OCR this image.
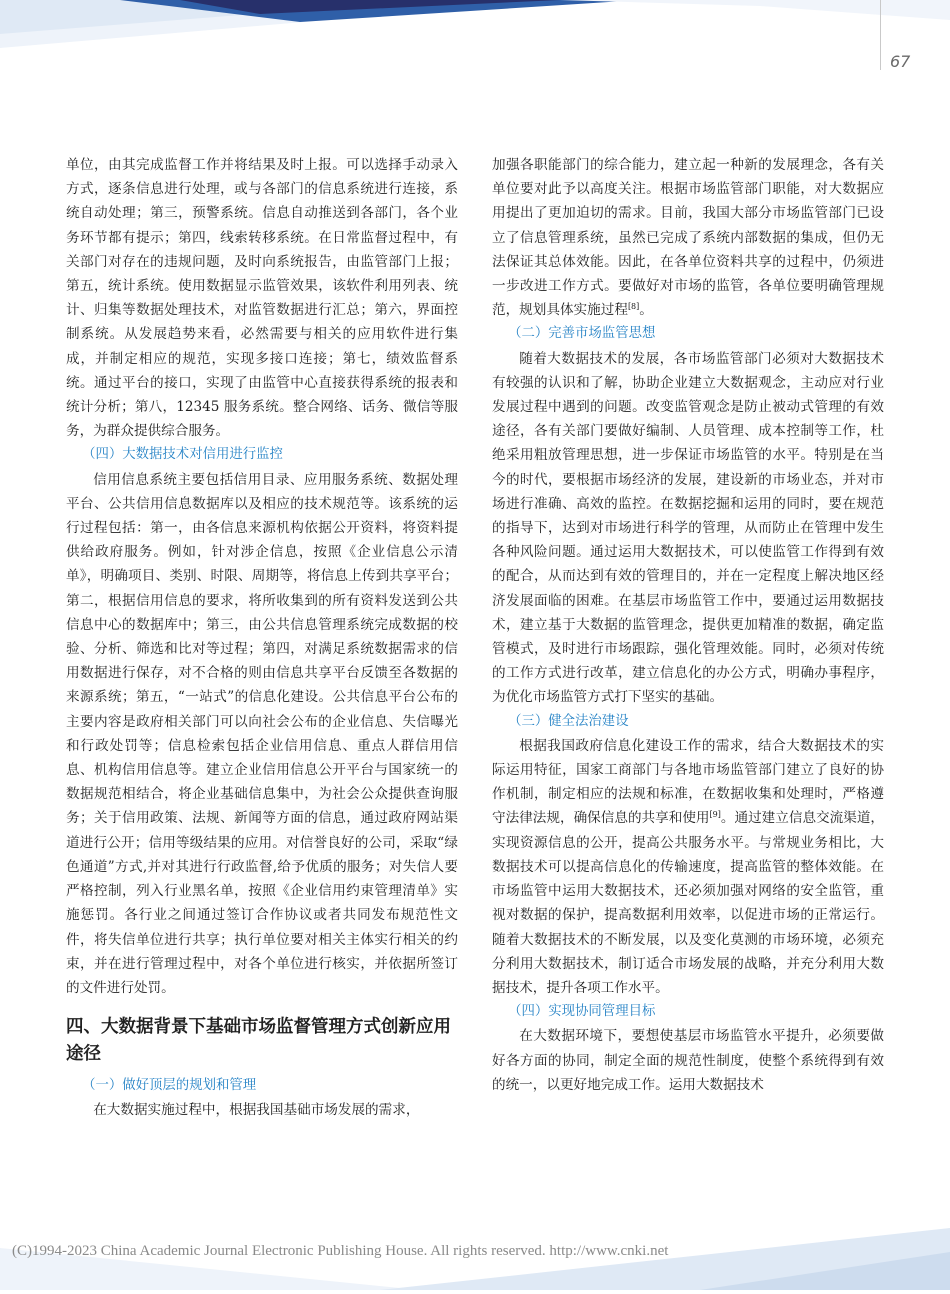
67

单位，由其完成监督工作并将结果及时上报。可以选择手动录入方式，逐条信息进行处理，或与各部门的信息系统进行连接，系统自动处理；第三，预警系统。信息自动推送到各部门，各个业务环节都有提示；第四，线索转移系统。在日常监督过程中，有关部门对存在的违规问题，及时向系统报告，由监管部门上报；第五，统计系统。使用数据显示监管效果，该软件利用列表、统计、归集等数据处理技术，对监管数据进行汇总；第六，界面控制系统。从发展趋势来看，必然需要与相关的应用软件进行集成，并制定相应的规范，实现多接口连接；第七，绩效监督系统。通过平台的接口，实现了由监管中心直接获得系统的报表和统计分析；第八，12345 服务系统。整合网络、话务、微信等服务，为群众提供综合服务。

（四）大数据技术对信用进行监控

信用信息系统主要包括信用目录、应用服务系统、数据处理平台、公共信用信息数据库以及相应的技术规范等。该系统的运行过程包括：第一，由各信息来源机构依据公开资料，将资料提供给政府服务。例如，针对涉企信息，按照《企业信息公示清单》，明确项目、类别、时限、周期等，将信息上传到共享平台；第二，根据信用信息的要求，将所收集到的所有资料发送到公共信息中心的数据库中；第三，由公共信息管理系统完成数据的校验、分析、筛选和比对等过程；第四，对满足系统数据需求的信用数据进行保存，对不合格的则由信息共享平台反馈至各数据的来源系统；第五，“一站式”的信息化建设。公共信息平台公布的主要内容是政府相关部门可以向社会公布的企业信息、失信曝光和行政处罚等；信息检索包括企业信用信息、重点人群信用信息、机构信用信息等。建立企业信用信息公开平台与国家统一的数据规范相结合，将企业基础信息集中，为社会公众提供查询服务；关于信用政策、法规、新闻等方面的信息，通过政府网站渠道进行公开；信用等级结果的应用。对信誉良好的公司，采取“绿色通道”方式,并对其进行行政监督,给予优质的服务；对失信人要严格控制，列入行业黑名单，按照《企业信用约束管理清单》实施惩罚。各行业之间通过签订合作协议或者共同发布规范性文件，将失信单位进行共享；执行单位要对相关主体实行相关的约束，并在进行管理过程中，对各个单位进行核实，并依据所签订的文件进行处罚。

四、大数据背景下基础市场监督管理方式创新应用途径
（一）做好顶层的规划和管理

在大数据实施过程中，根据我国基础市场发展的需求，

加强各职能部门的综合能力，建立起一种新的发展理念，各有关单位要对此予以高度关注。根据市场监管部门职能，对大数据应用提出了更加迫切的需求。目前，我国大部分市场监管部门已设立了信息管理系统，虽然已完成了系统内部数据的集成，但仍无法保证其总体效能。因此，在各单位资料共享的过程中，仍须进一步改进工作方式。要做好对市场的监管，各单位要明确管理规范，规划具体实施过程[8]。

（二）完善市场监管思想

随着大数据技术的发展，各市场监管部门必须对大数据技术有较强的认识和了解，协助企业建立大数据观念，主动应对行业发展过程中遇到的问题。改变监管观念是防止被动式管理的有效途径，各有关部门要做好编制、人员管理、成本控制等工作，杜绝采用粗放管理思想，进一步保证市场监管的水平。特别是在当今的时代，要根据市场经济的发展，建设新的市场业态，并对市场进行准确、高效的监控。在数据挖掘和运用的同时，要在规范的指导下，达到对市场进行科学的管理，从而防止在管理中发生各种风险问题。通过运用大数据技术，可以使监管工作得到有效的配合，从而达到有效的管理目的，并在一定程度上解决地区经济发展面临的困难。在基层市场监管工作中，要通过运用数据技术，建立基于大数据的监管理念，提供更加精准的数据，确定监管模式，及时进行市场跟踪，强化管理效能。同时，必须对传统的工作方式进行改革，建立信息化的办公方式，明确办事程序，为优化市场监管方式打下坚实的基础。

（三）健全法治建设

根据我国政府信息化建设工作的需求，结合大数据技术的实际运用特征，国家工商部门与各地市场监管部门建立了良好的协作机制，制定相应的法规和标准，在数据收集和处理时，严格遵守法律法规，确保信息的共享和使用[9]。通过建立信息交流渠道，实现资源信息的公开，提高公共服务水平。与常规业务相比，大数据技术可以提高信息化的传输速度，提高监管的整体效能。在市场监管中运用大数据技术，还必须加强对网络的安全监管，重视对数据的保护，提高数据利用效率，以促进市场的正常运行。随着大数据技术的不断发展，以及变化莫测的市场环境，必须充分利用大数据技术，制订适合市场发展的战略，并充分利用大数据技术，提升各项工作水平。

（四）实现协同管理目标

在大数据环境下，要想使基层市场监管水平提升，必须要做好各方面的协同，制定全面的规范性制度，使整个系统得到有效的统一，以更好地完成工作。运用大数据技术

(C)1994-2023 China Academic Journal Electronic Publishing House. All rights reserved. http://www.cnki.net
